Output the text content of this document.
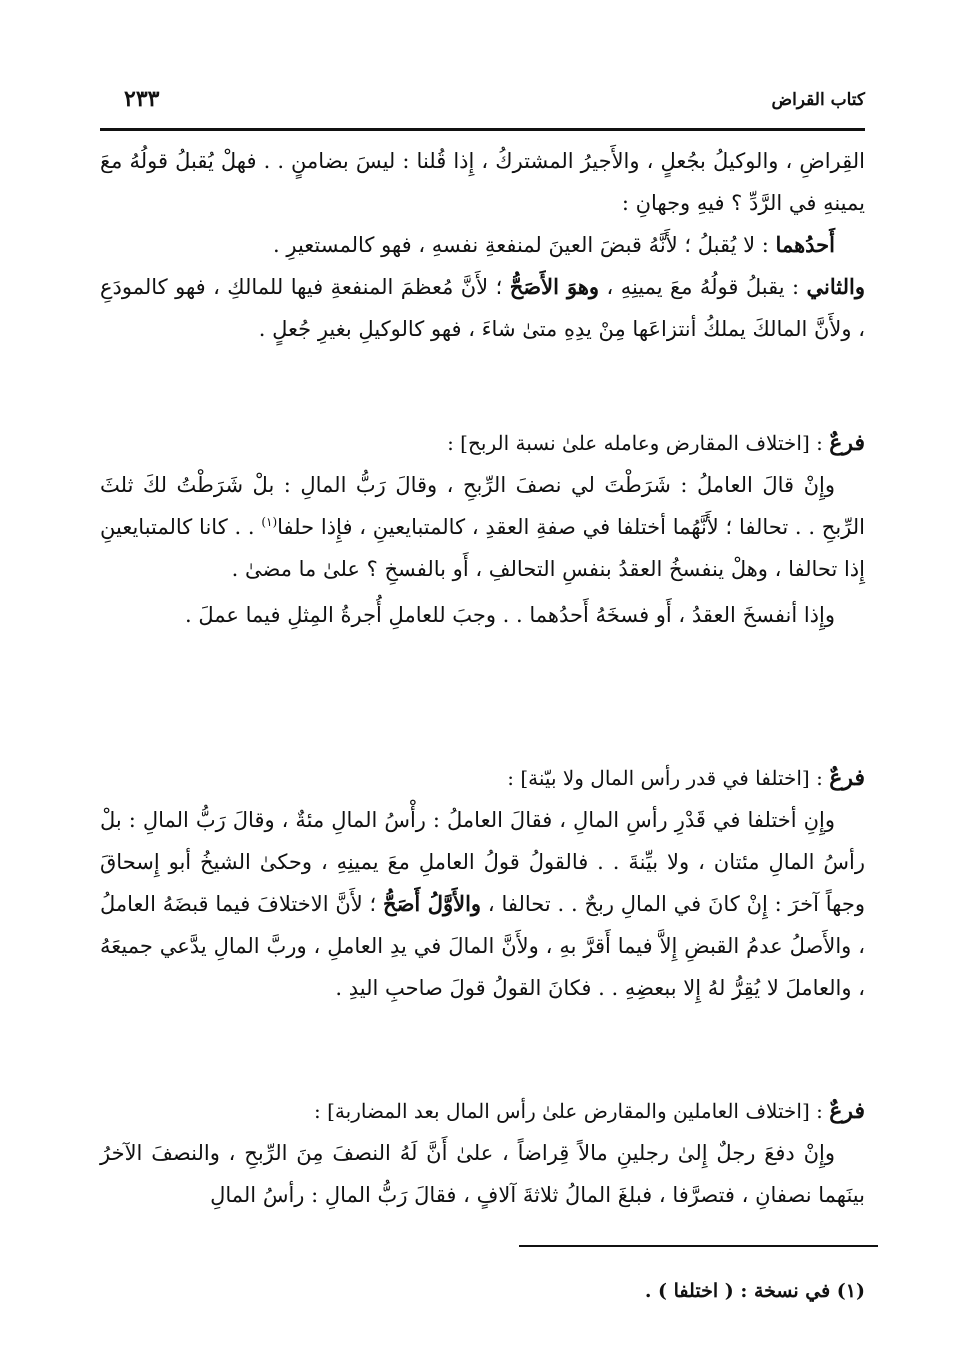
كتاب القراض
٢٣٣

القِراضِ ، والوكيلُ بجُعلٍ ، والأَجيرُ المشتركُ ، إِذا قُلنا : ليسَ بضامنٍ . . فهلْ يُقبلُ قولُهُ معَ يمينهِ في الرَّدِّ ؟ فيهِ وجهانِ :

أَحدُهما : لا يُقبلُ ؛ لأَنَّهُ قبضَ العينَ لمنفعةِ نفسهِ ، فهو كالمستعيرِ .

والثاني : يقبلُ قولُهُ معَ يمينِهِ ، وهوَ الأَصَحُّ ؛ لأَنَّ مُعظمَ المنفعةِ فيها للمالكِ ، فهو كالمودَعِ ، ولأَنَّ المالكَ يملكُ أنتزاعَها مِنْ يدِهِ متىٰ شاءَ ، فهو كالوكيلِ بغيرِ جُعلٍ .

فرعٌ : [اختلاف المقارض وعامله علىٰ نسبة الربح] :

وإِنْ قالَ العاملُ : شَرَطْتَ لي نصفَ الرِّبحِ ، وقالَ رَبُّ المالِ : بلْ شَرَطْتُ لكَ ثلثَ الرِّبحِ . . تحالفا ؛ لأَنَّهُما أختلفا في صفةِ العقدِ ، كالمتبايعينِ ، فإِذا حلفا$^{(١)}$ . . كانا كالمتبايعينِ إِذا تحالفا ، وهلْ ينفسخُ العقدُ بنفسِ التحالفِ ، أَو بالفسخِ ؟ علىٰ ما مضىٰ .

وإِذا أنفسخَ العقدُ ، أَو فسخَهُ أَحدُهما . . وجبَ للعاملِ أُجرةُ المِثلِ فيما عملَ .

فرعٌ : [اختلفا في قدر رأس المال ولا بيّنة] :

وإِنِ أختلفا في قَدْرِ رأسِ المالِ ، فقالَ العاملُ : رأْسُ المالِ مئةٌ ، وقالَ رَبُّ المالِ : بلْ رأسُ المالِ مئتان ، ولا بيِّنةَ . . فالقولُ قولُ العاملِ معَ يمينِهِ ، وحكىٰ الشيخُ أبو إِسحاقَ وجهاً آخرَ : إِنْ كانَ في المالِ ربحٌ . . تحالفا ، والأَوَّلُ أَصَحُّ ؛ لأَنَّ الاختلافَ فيما قبضَهُ العاملُ ، والأَصلُ عدمُ القبضِ إِلاَّ فيما أَقرَّ بهِ ، ولأَنَّ المالَ في يدِ العاملِ ، وربَّ المالِ يدَّعي جميعَهُ ، والعاملَ لا يُقِرُّ لهُ إِلا ببعضِهِ . . فكانَ القولُ قولَ صاحبِ اليدِ .

فرعٌ : [اختلاف العاملين والمقارض علىٰ رأس المال بعد المضاربة] :

وإِنْ دفعَ رجلٌ إِلىٰ رجلينِ مالاً قِراضاً ، علىٰ أَنَّ لَهُ النصفَ مِنَ الرِّبحِ ، والنصفَ الآخرُ بينَهما نصفانِ ، فتصرَّفا ، فبلغَ المالُ ثلاثةَ آلافٍ ، فقالَ رَبُّ المالِ : رأسُ المالِ

(١) في نسخة : ( اختلفا ) .
